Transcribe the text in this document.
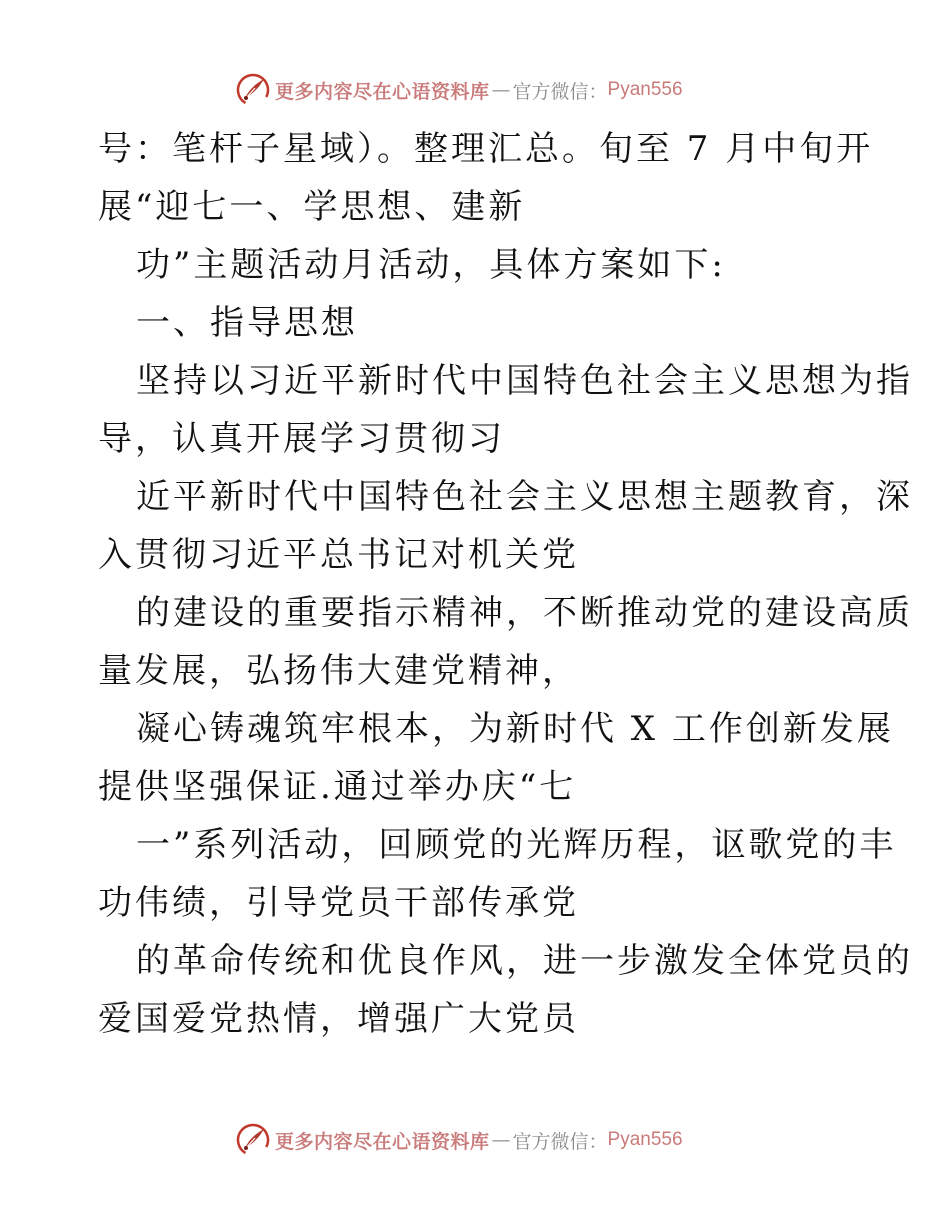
更多内容尽在心语资料库 — 官方微信： Pyan556
号：笔杆子星域）。整理汇总。旬至 7 月中旬开
展“迎七一、学思想、建新
功”主题活动月活动，具体方案如下:
一、指导思想
坚持以习近平新时代中国特色社会主义思想为指
导，认真开展学习贯彻习
近平新时代中国特色社会主义思想主题教育，深
入贯彻习近平总书记对机关党
的建设的重要指示精神，不断推动党的建设高质
量发展，弘扬伟大建党精神，
凝心铸魂筑牢根本，为新时代 X 工作创新发展
提供坚强保证.通过举办庆“七
一”系列活动，回顾党的光辉历程，讴歌党的丰
功伟绩，引导党员干部传承党
的革命传统和优良作风，进一步激发全体党员的
爱国爱党热情，增强广大党员
更多内容尽在心语资料库 — 官方微信： Pyan556
